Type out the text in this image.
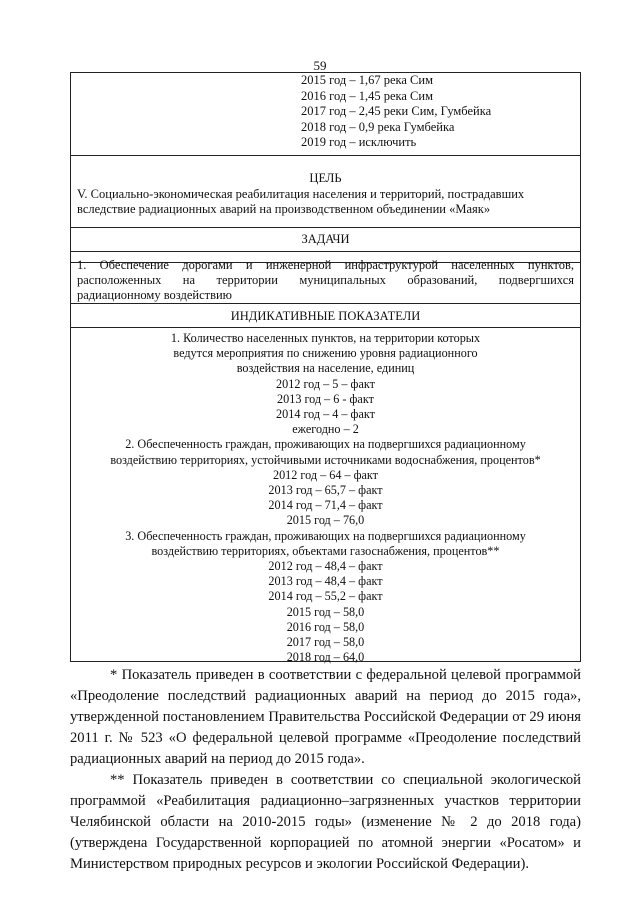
59
2015 год – 1,67 река Сим
2016 год – 1,45 река Сим
2017 год – 2,45 реки Сим, Гумбейка
2018 год – 0,9 река Гумбейка
2019 год – исключить
ЦЕЛЬ
V. Социально-экономическая реабилитация населения и территорий, пострадавших
вследствие радиационных аварий на производственном объединении «Маяк»
ЗАДАЧИ
1. Обеспечение дорогами и инженерной инфраструктурой населенных пунктов,
расположенных на территории муниципальных образований, подвергшихся
радиационному воздействию
ИНДИКАТИВНЫЕ ПОКАЗАТЕЛИ
1. Количество населенных пунктов, на территории которых
ведутся мероприятия по снижению уровня радиационного
воздействия на население, единиц
2012 год – 5 – факт
2013 год – 6 - факт
2014 год – 4 – факт
ежегодно – 2
2. Обеспеченность граждан, проживающих на подвергшихся радиационному
воздействию территориях, устойчивыми источниками водоснабжения, процентов*
2012 год – 64 – факт
2013 год – 65,7 – факт
2014 год – 71,4 – факт
2015 год – 76,0
3. Обеспеченность граждан, проживающих на подвергшихся радиационному
воздействию территориях, объектами газоснабжения, процентов**
2012 год – 48,4 – факт
2013 год – 48,4 – факт
2014 год – 55,2 – факт
2015 год – 58,0
2016 год – 58,0
2017 год – 58,0
2018 год – 64,0

* Показатель приведен в соответствии с федеральной целевой программой «Преодоление последствий радиационных аварий на период до 2015 года», утвержденной постановлением Правительства Российской Федерации от 29 июня 2011 г. № 523 «О федеральной целевой программе «Преодоление последствий радиационных аварий на период до 2015 года».

** Показатель приведен в соответствии со специальной экологической программой «Реабилитация радиационно–загрязненных участков территории Челябинской области на 2010-2015 годы» (изменение № 2 до 2018 года) (утверждена Государственной корпорацией по атомной энергии «Росатом» и Министерством природных ресурсов и экологии Российской Федерации).
